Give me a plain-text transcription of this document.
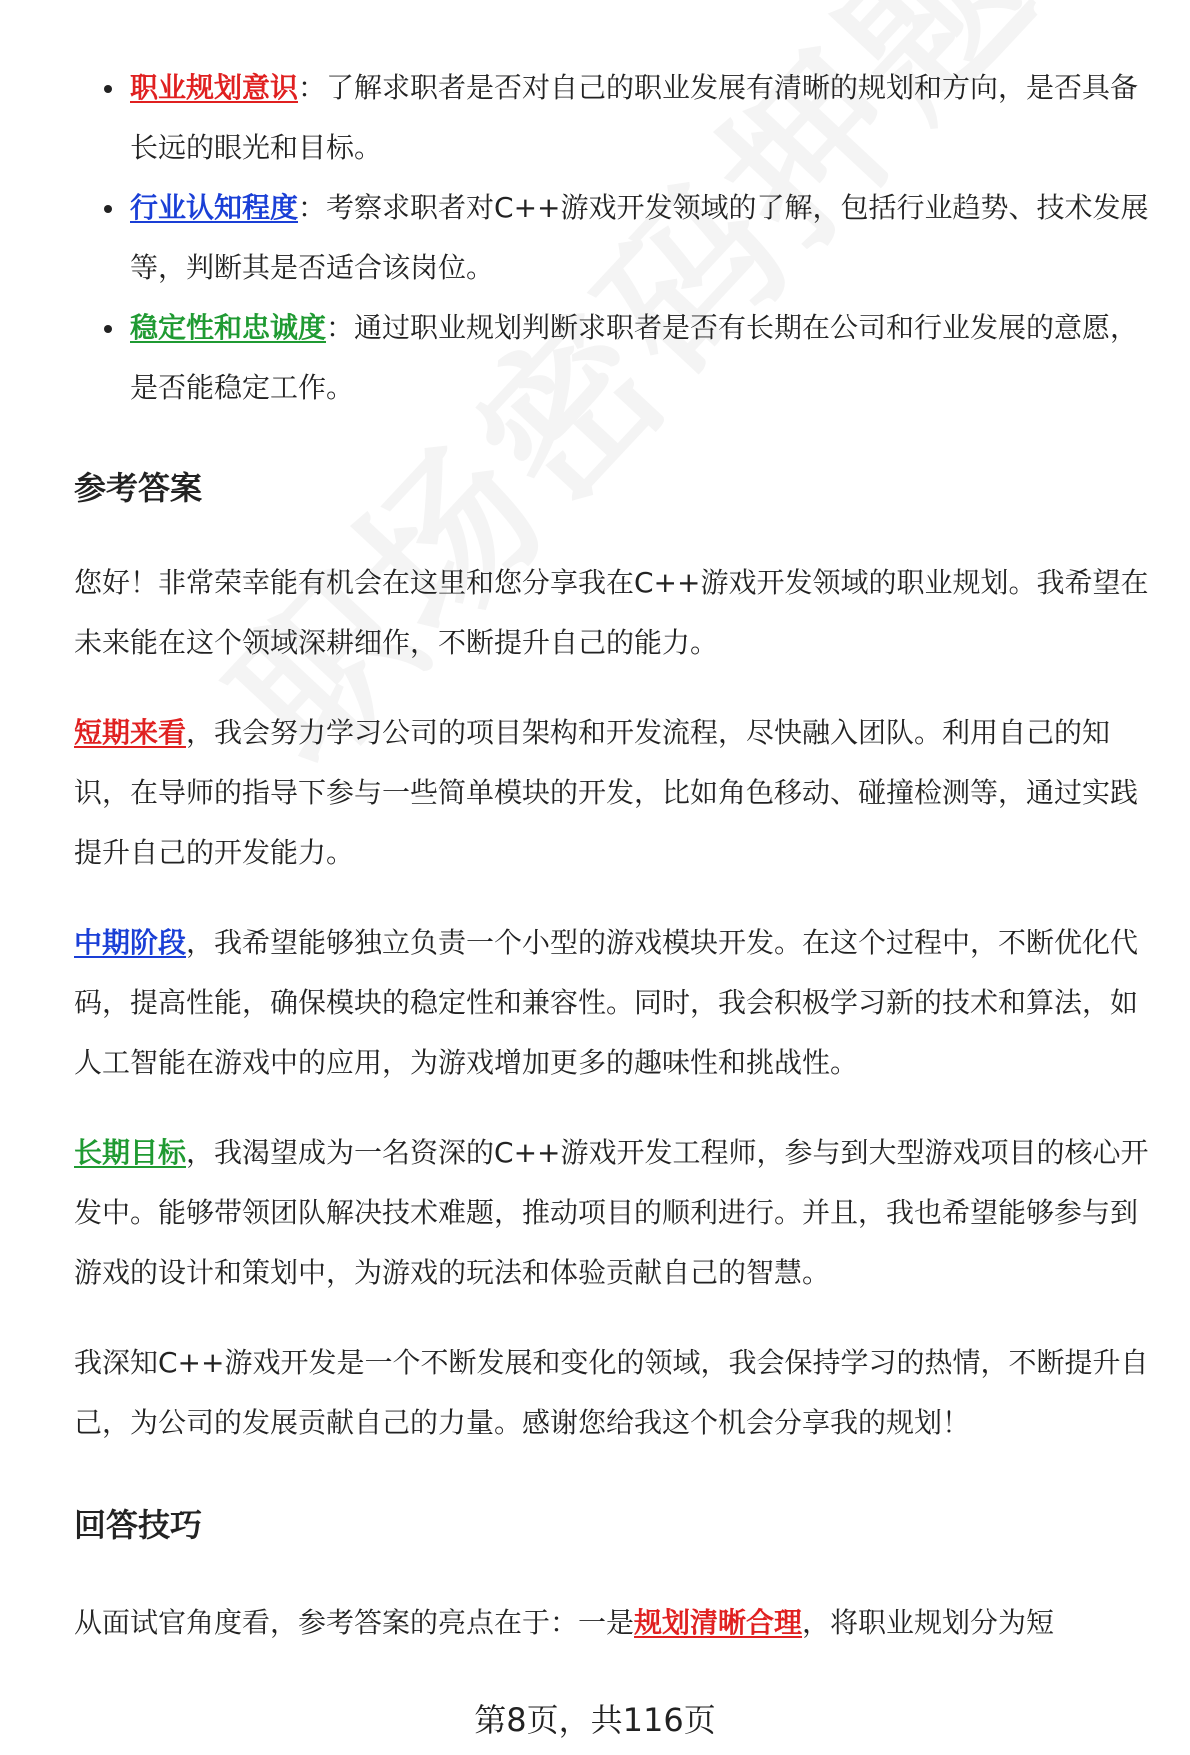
职业规划意识：了解求职者是否对自己的职业发展有清晰的规划和方向，是否具备长远的眼光和目标。
行业认知程度：考察求职者对C++游戏开发领域的了解，包括行业趋势、技术发展等，判断其是否适合该岗位。
稳定性和忠诚度：通过职业规划判断求职者是否有长期在公司和行业发展的意愿，是否能稳定工作。
参考答案

您好！非常荣幸能有机会在这里和您分享我在C++游戏开发领域的职业规划。我希望在未来能在这个领域深耕细作，不断提升自己的能力。

短期来看，我会努力学习公司的项目架构和开发流程，尽快融入团队。利用自己的知识，在导师的指导下参与一些简单模块的开发，比如角色移动、碰撞检测等，通过实践提升自己的开发能力。

中期阶段，我希望能够独立负责一个小型的游戏模块开发。在这个过程中，不断优化代码，提高性能，确保模块的稳定性和兼容性。同时，我会积极学习新的技术和算法，如人工智能在游戏中的应用，为游戏增加更多的趣味性和挑战性。

长期目标，我渴望成为一名资深的C++游戏开发工程师，参与到大型游戏项目的核心开发中。能够带领团队解决技术难题，推动项目的顺利进行。并且，我也希望能够参与到游戏的设计和策划中，为游戏的玩法和体验贡献自己的智慧。

我深知C++游戏开发是一个不断发展和变化的领域，我会保持学习的热情，不断提升自己，为公司的发展贡献自己的力量。感谢您给我这个机会分享我的规划！

回答技巧

从面试官角度看，参考答案的亮点在于：一是规划清晰合理，将职业规划分为短

第8页，共116页
